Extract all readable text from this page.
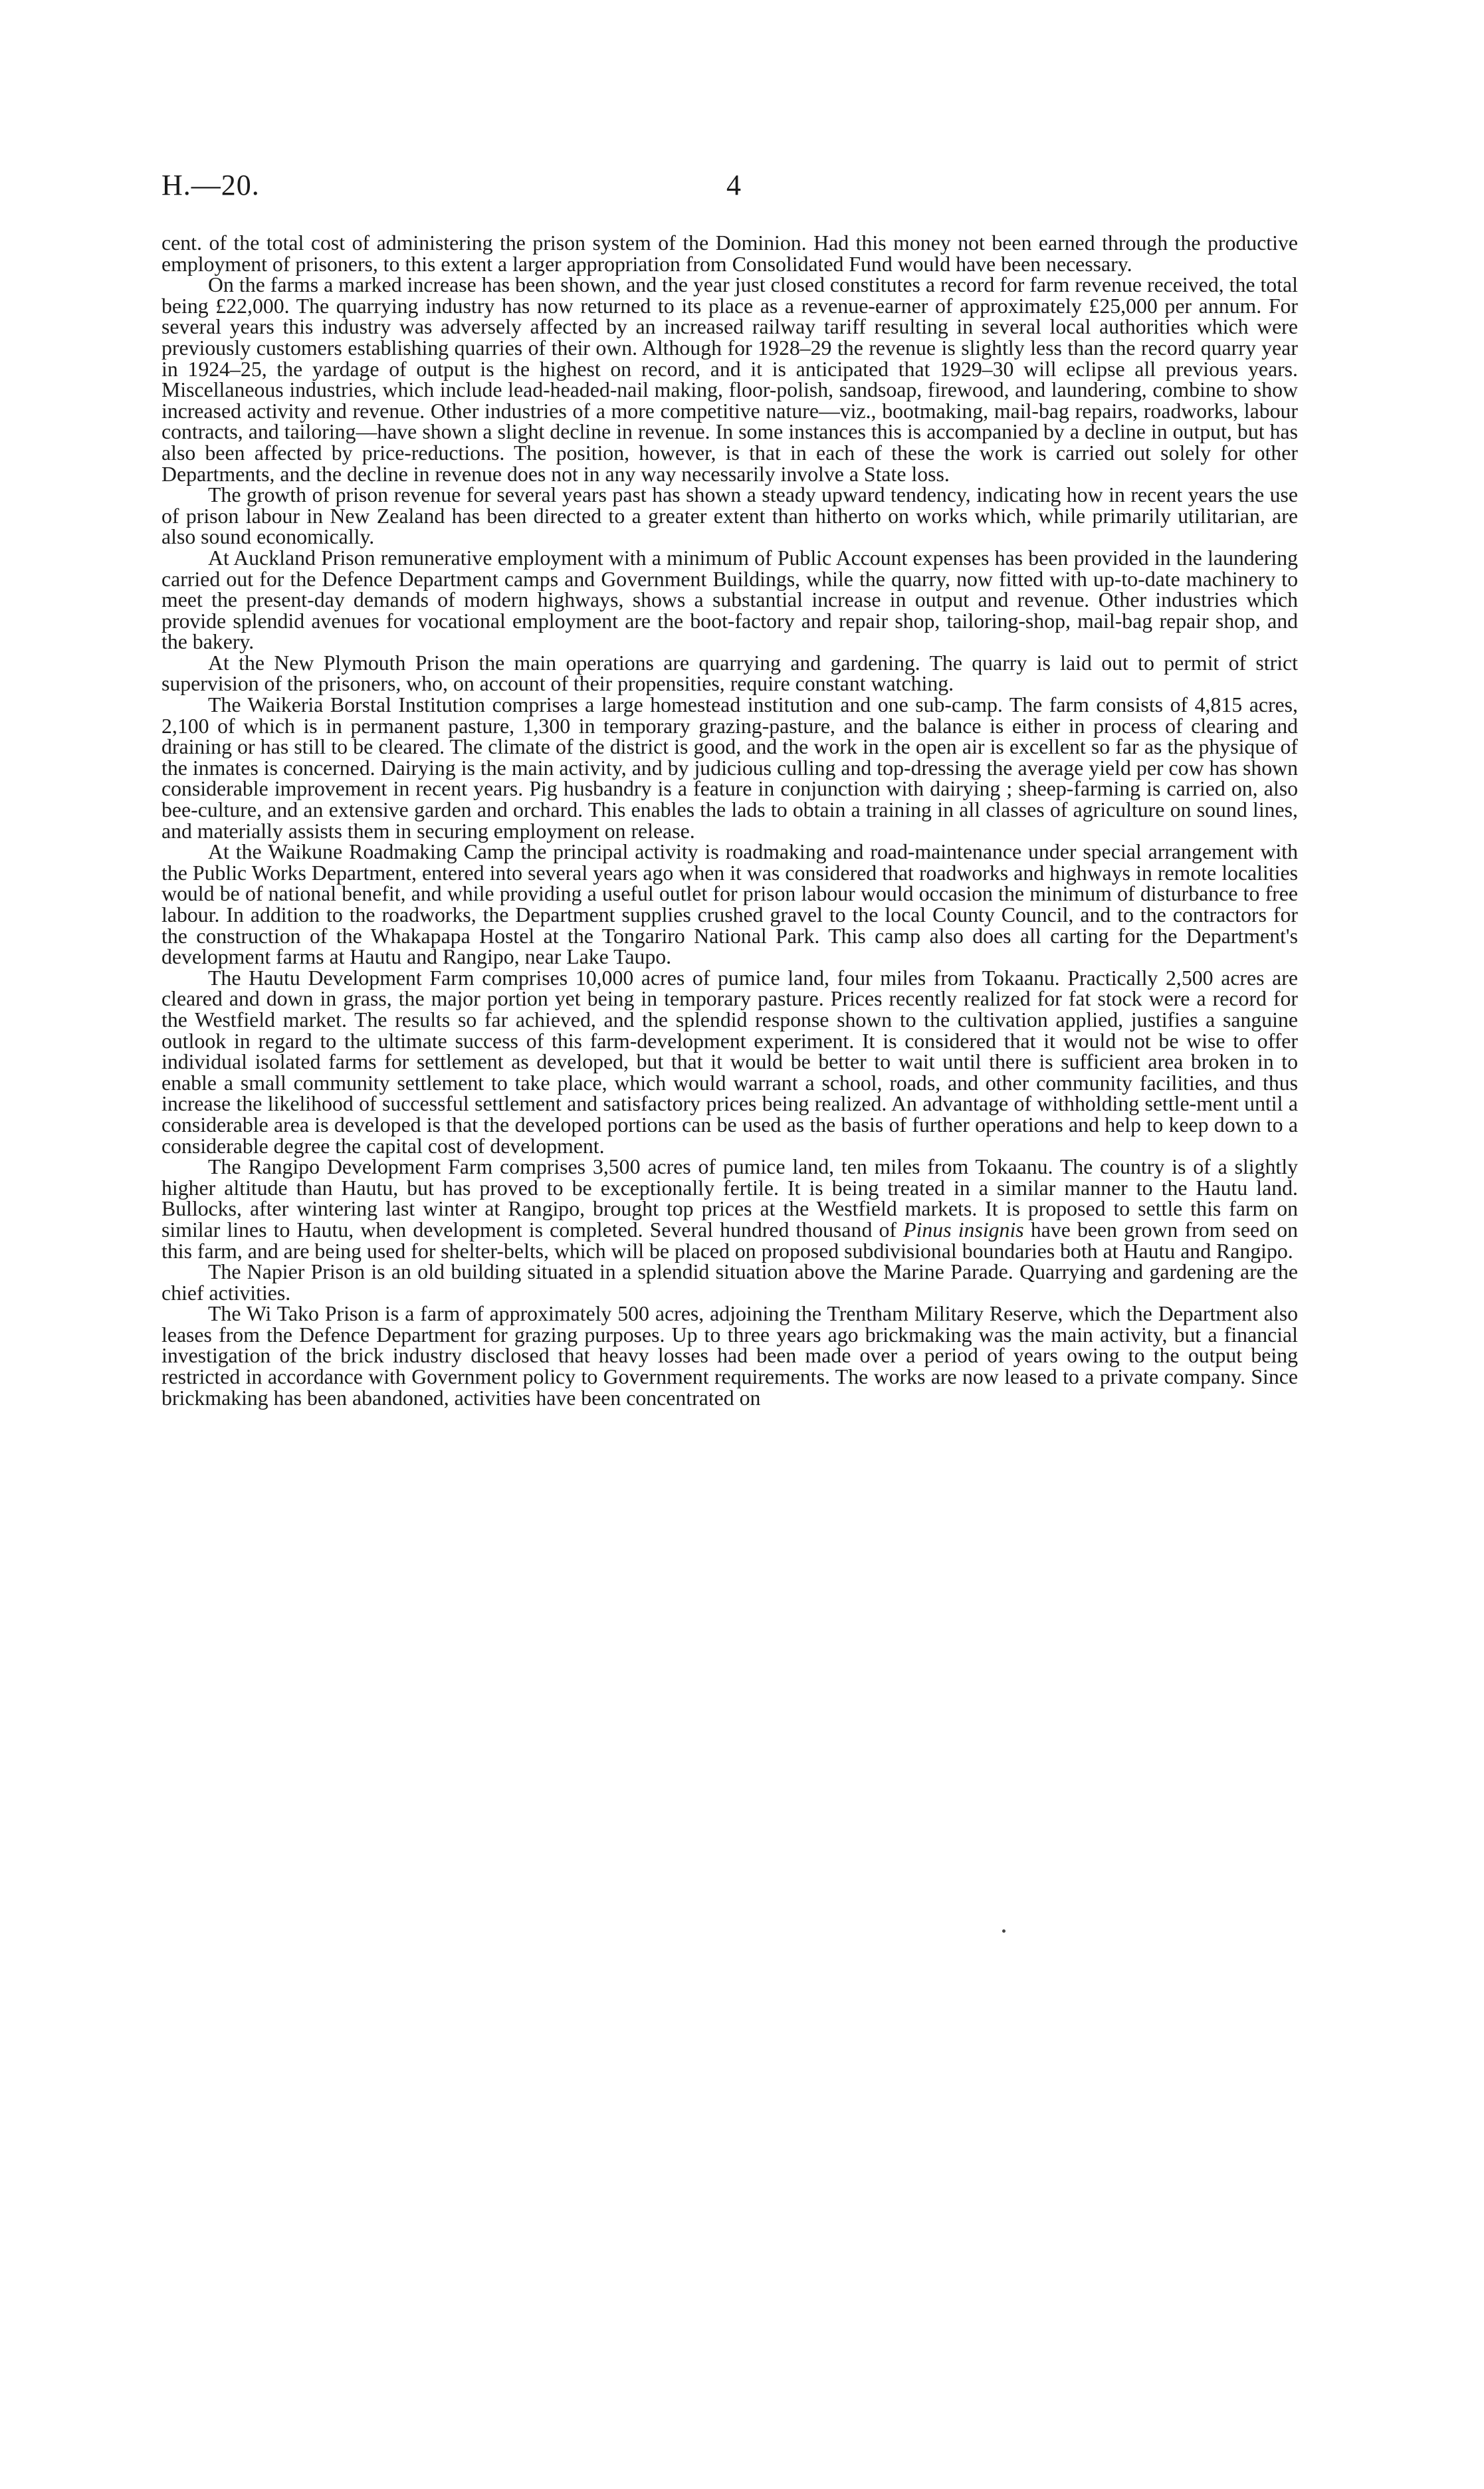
H.—20.	4

cent. of the total cost of administering the prison system of the Dominion. Had this money not been earned through the productive employment of prisoners, to this extent a larger appropriation from Consolidated Fund would have been necessary.

On the farms a marked increase has been shown, and the year just closed constitutes a record for farm revenue received, the total being £22,000. The quarrying industry has now returned to its place as a revenue-earner of approximately £25,000 per annum. For several years this industry was adversely affected by an increased railway tariff resulting in several local authorities which were previously customers establishing quarries of their own. Although for 1928–29 the revenue is slightly less than the record quarry year in 1924–25, the yardage of output is the highest on record, and it is anticipated that 1929–30 will eclipse all previous years. Miscellaneous industries, which include lead-headed-nail making, floor-polish, sandsoap, firewood, and laundering, combine to show increased activity and revenue. Other industries of a more competitive nature—viz., bootmaking, mail-bag repairs, roadworks, labour contracts, and tailoring—have shown a slight decline in revenue. In some instances this is accompanied by a decline in output, but has also been affected by price-reductions. The position, however, is that in each of these the work is carried out solely for other Departments, and the decline in revenue does not in any way necessarily involve a State loss.

The growth of prison revenue for several years past has shown a steady upward tendency, indicating how in recent years the use of prison labour in New Zealand has been directed to a greater extent than hitherto on works which, while primarily utilitarian, are also sound economically.

At Auckland Prison remunerative employment with a minimum of Public Account expenses has been provided in the laundering carried out for the Defence Department camps and Government Buildings, while the quarry, now fitted with up-to-date machinery to meet the present-day demands of modern highways, shows a substantial increase in output and revenue. Other industries which provide splendid avenues for vocational employment are the boot-factory and repair shop, tailoring-shop, mail-bag repair shop, and the bakery.

At the New Plymouth Prison the main operations are quarrying and gardening. The quarry is laid out to permit of strict supervision of the prisoners, who, on account of their propensities, require constant watching.

The Waikeria Borstal Institution comprises a large homestead institution and one sub-camp. The farm consists of 4,815 acres, 2,100 of which is in permanent pasture, 1,300 in temporary grazing-pasture, and the balance is either in process of clearing and draining or has still to be cleared. The climate of the district is good, and the work in the open air is excellent so far as the physique of the inmates is concerned. Dairying is the main activity, and by judicious culling and top-dressing the average yield per cow has shown considerable improvement in recent years. Pig husbandry is a feature in conjunction with dairying ; sheep-farming is carried on, also bee-culture, and an extensive garden and orchard. This enables the lads to obtain a training in all classes of agriculture on sound lines, and materially assists them in securing employment on release.

At the Waikune Roadmaking Camp the principal activity is roadmaking and road-maintenance under special arrangement with the Public Works Department, entered into several years ago when it was considered that roadworks and highways in remote localities would be of national benefit, and while providing a useful outlet for prison labour would occasion the minimum of disturbance to free labour. In addition to the roadworks, the Department supplies crushed gravel to the local County Council, and to the contractors for the construction of the Whakapapa Hostel at the Tongariro National Park. This camp also does all carting for the Department's development farms at Hautu and Rangipo, near Lake Taupo.

The Hautu Development Farm comprises 10,000 acres of pumice land, four miles from Tokaanu. Practically 2,500 acres are cleared and down in grass, the major portion yet being in temporary pasture. Prices recently realized for fat stock were a record for the Westfield market. The results so far achieved, and the splendid response shown to the cultivation applied, justifies a sanguine outlook in regard to the ultimate success of this farm-development experiment. It is considered that it would not be wise to offer individual isolated farms for settlement as developed, but that it would be better to wait until there is sufficient area broken in to enable a small community settlement to take place, which would warrant a school, roads, and other community facilities, and thus increase the likelihood of successful settlement and satisfactory prices being realized. An advantage of withholding settle-ment until a considerable area is developed is that the developed portions can be used as the basis of further operations and help to keep down to a considerable degree the capital cost of development.

The Rangipo Development Farm comprises 3,500 acres of pumice land, ten miles from Tokaanu. The country is of a slightly higher altitude than Hautu, but has proved to be exceptionally fertile. It is being treated in a similar manner to the Hautu land. Bullocks, after wintering last winter at Rangipo, brought top prices at the Westfield markets. It is proposed to settle this farm on similar lines to Hautu, when development is completed. Several hundred thousand of Pinus insignis have been grown from seed on this farm, and are being used for shelter-belts, which will be placed on proposed subdivisional boundaries both at Hautu and Rangipo.

The Napier Prison is an old building situated in a splendid situation above the Marine Parade. Quarrying and gardening are the chief activities.

The Wi Tako Prison is a farm of approximately 500 acres, adjoining the Trentham Military Reserve, which the Department also leases from the Defence Department for grazing purposes. Up to three years ago brickmaking was the main activity, but a financial investigation of the brick industry disclosed that heavy losses had been made over a period of years owing to the output being restricted in accordance with Government policy to Government requirements. The works are now leased to a private company. Since brickmaking has been abandoned, activities have been concentrated on
